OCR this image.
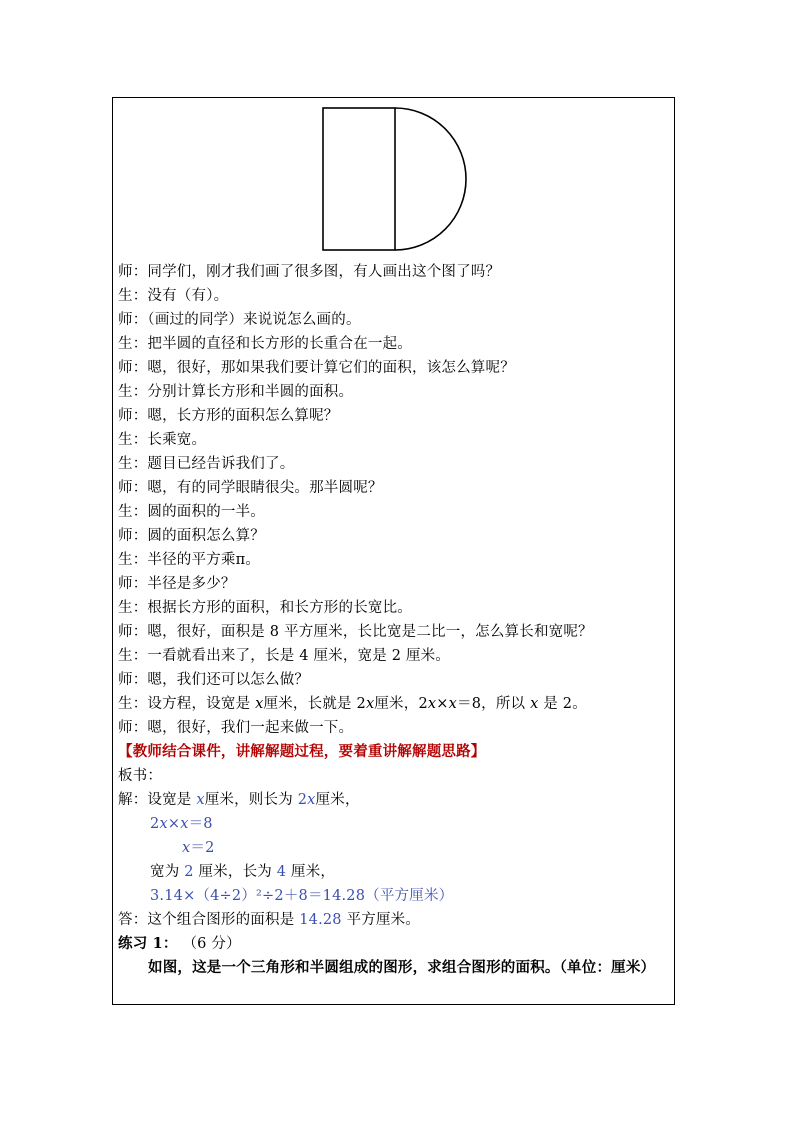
师：同学们，刚才我们画了很多图，有人画出这个图了吗？
生：没有（有）。
师：（画过的同学）来说说怎么画的。
生：把半圆的直径和长方形的长重合在一起。
师：嗯，很好，那如果我们要计算它们的面积，该怎么算呢？
生：分别计算长方形和半圆的面积。
师：嗯，长方形的面积怎么算呢？
生：长乘宽。
生：题目已经告诉我们了。
师：嗯，有的同学眼睛很尖。那半圆呢？
生：圆的面积的一半。
师：圆的面积怎么算？
生：半径的平方乘π。
师：半径是多少？
生：根据长方形的面积，和长方形的长宽比。
师：嗯，很好，面积是 8 平方厘米，长比宽是二比一，怎么算长和宽呢？
生：一看就看出来了，长是 4 厘米，宽是 2 厘米。
师：嗯，我们还可以怎么做？
生：设方程，设宽是 x厘米，长就是 2x厘米，2x×x＝8，所以 x 是 2。
师：嗯，很好，我们一起来做一下。
【教师结合课件，讲解解题过程，要着重讲解解题思路】
板书：
解：设宽是 x厘米，则长为 2x厘米，
2x×x＝8
x＝2
宽为 2 厘米，长为 4 厘米，
3.14×（4÷2）²÷2＋8＝14.28（平方厘米）
答：这个组合图形的面积是 14.28 平方厘米。
练习 1： （6 分）
如图，这是一个三角形和半圆组成的图形，求组合图形的面积。（单位：厘米）
